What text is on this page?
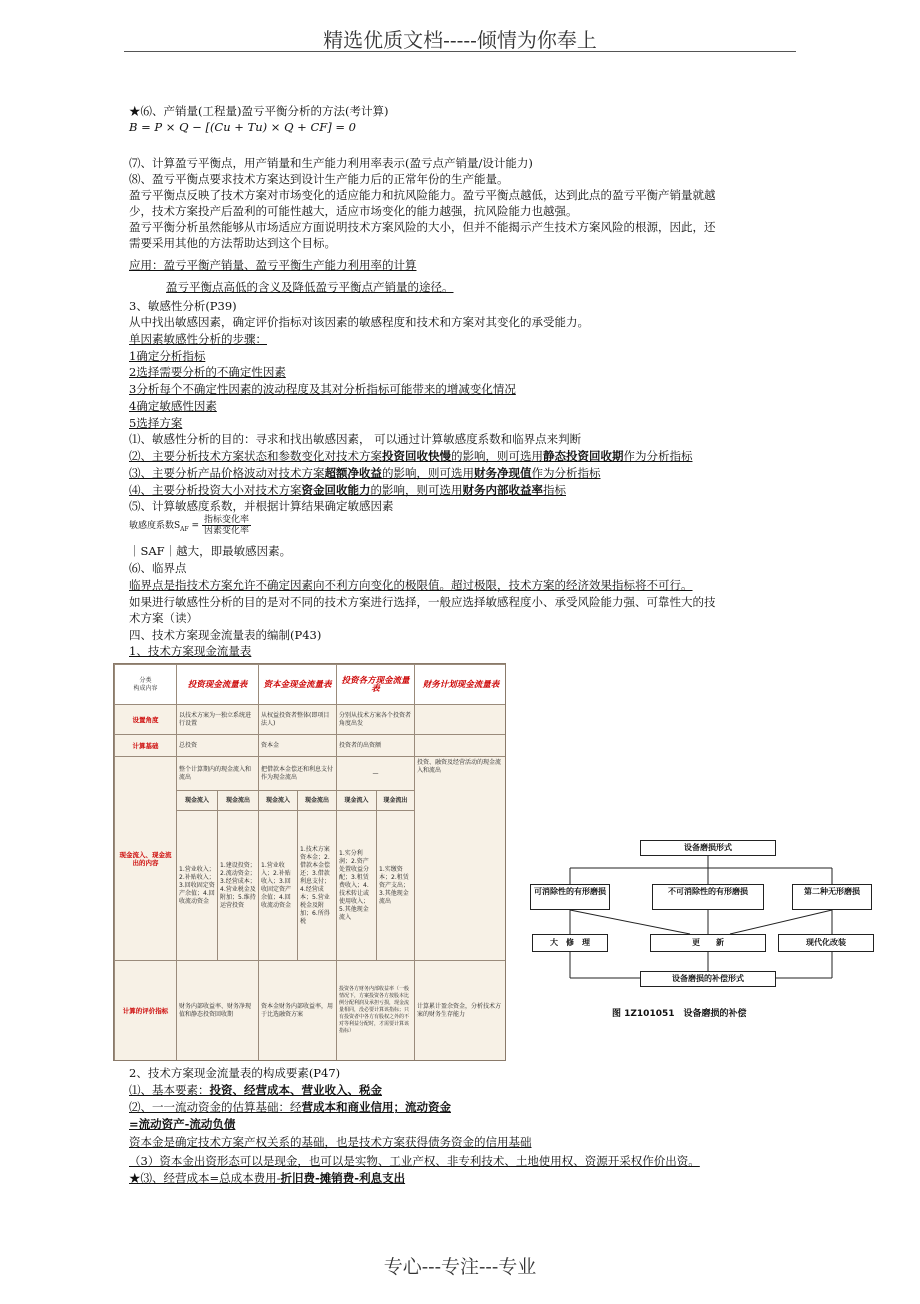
精选优质文档-----倾情为你奉上
★⑹、产销量(工程量)盈亏平衡分析的方法(考计算)
B = P × Q − [(Cu + Tu) × Q + CF] = 0
⑺、计算盈亏平衡点，用产销量和生产能力利用率表示(盈亏点产销量/设计能力)
⑻、盈亏平衡点要求技术方案达到设计生产能力后的正常年份的生产能量。
盈亏平衡点反映了技术方案对市场变化的适应能力和抗风险能力。盈亏平衡点越低，达到此点的盈亏平衡产销量就越
少，技术方案投产后盈利的可能性越大，适应市场变化的能力越强，抗风险能力也越强。
盈亏平衡分析虽然能够从市场适应方面说明技术方案风险的大小，但并不能揭示产生技术方案风险的根源，因此，还
需要采用其他的方法帮助达到这个目标。
应用：盈亏平衡产销量、盈亏平衡生产能力利用率的计算
盈亏平衡点高低的含义及降低盈亏平衡点产销量的途径。
3、敏感性分析(P39)
从中找出敏感因素，确定评价指标对该因素的敏感程度和技术和方案对其变化的承受能力。
单因素敏感性分析的步骤：
1确定分析指标
2选择需要分析的不确定性因素
3分析每个不确定性因素的波动程度及其对分析指标可能带来的增减变化情况
4确定敏感性因素
5选择方案
⑴、敏感性分析的目的：寻求和找出敏感因素， 可以通过计算敏感度系数和临界点来判断
⑵、主要分析技术方案状态和参数变化对技术方案投资回收快慢的影响，则可选用静态投资回收期作为分析指标
⑶、主要分析产品价格波动对技术方案超额净收益的影响，则可选用财务净现值作为分析指标
⑷、主要分析投资大小对技术方案资金回收能力的影响，则可选用财务内部收益率指标
⑸、计算敏感度系数，并根据计算结果确定敏感因素
敏感度系数$S_{AF} = \frac{\text{指标变化率}}{\text{因素变化率}}$
｜SAF｜越大，即最敏感因素。
⑹、临界点
临界点是指技术方案允许不确定因素向不利方向变化的极限值。超过极限，技术方案的经济效果指标将不可行。
如果进行敏感性分析的目的是对不同的技术方案进行选择，一般应选择敏感程度小、承受风险能力强、可靠性大的技
术方案（读）
四、技术方案现金流量表的编制(P43)
1、技术方案现金流量表
分类
构成内容	投资现金流量表		资本金现金流量表		投资各方现金流量表		财务计划现金流量表
设置角度	以技术方案为一独立系统进行设置		从权益投资者整体(即项目法人)		分别从技术方案各个投资者角度出发		
计算基础	总投资		资本金		投资者的出资额		
现金流入、现金流出的内容	整个计算期内的现金流入和流出		把借款本金偿还和利息支付作为现金流出		—		投资、融资及经营活动的现金流入和流出
	现金流入	现金流出	现金流入	现金流出	现金流入	现金流出	
	1.营业收入；2.补贴收入；3.回收固定资产余值；4.回收流动资金	1.建设投资；2.流动资金；3.经营成本；4.营业税金及附加；5.维持运营投资	1.营业收入；2.补贴收入；3.回收固定资产余值；4.回收流动资金	1.技术方案资本金；2.借款本金偿还；3.借款利息支付；4.经营成本；5.营业税金及附加；6.所得税	1.实分利润；2.资产处置收益分配；3.租赁费收入；4.技术转让或使用收入；5.其他现金流入	1.实缴资本；2.租赁资产支出；3.其他现金流出	
计算的评价指标	财务内部收益率、财务净现值和静态投资回收期		资本金财务内部收益率，用于比选融资方案		投资各方财务内部收益率（一般情况下，方案投资各方按股本比例分配利润及承担亏损，现金流量相同，没必要计算该指标；只有投资者中各方有股权之外的不对等利益分配时，才需要计算该指标）		计算累计盈余资金，分析技术方案的财务生存能力
设备磨损形式
可消除性的有形磨损	不可消除性的有形磨损	第二种无形磨损
大　修　理	更　　新	现代化改装
设备磨损的补偿形式
图 1Z101051　设备磨损的补偿
2、技术方案现金流量表的构成要素(P47)
⑴、基本要素：投资、经营成本、营业收入、税金
⑵、一一流动资金的估算基础：经营成本和商业信用；流动资金
=流动资产-流动负债
资本金是确定技术方案产权关系的基础，也是技术方案获得债务资金的信用基础
（3）资本金出资形态可以是现金，也可以是实物、工业产权、非专利技术、土地使用权、资源开采权作价出资。
★⑶、经营成本=总成本费用-折旧费-摊销费-利息支出
专心---专注---专业
